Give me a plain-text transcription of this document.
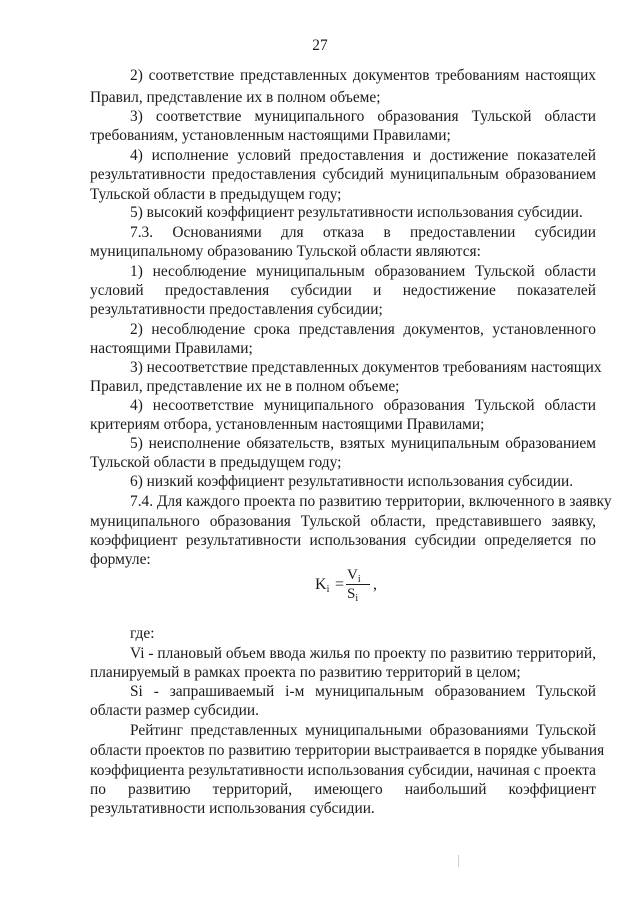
27
2) соответствие представленных документов требованиям настоящих
Правил, представление их в полном объеме;
3) соответствие муниципального образования Тульской области
требованиям, установленным настоящими Правилами;
4) исполнение условий предоставления и достижение показателей
результативности предоставления субсидий муниципальным образованием
Тульской области в предыдущем году;
5) высокий коэффициент результативности использования субсидии.
7.3. Основаниями для отказа в предоставлении субсидии
муниципальному образованию Тульской области являются:
1) несоблюдение муниципальным образованием Тульской области
условий предоставления субсидии и недостижение показателей
результативности предоставления субсидии;
2) несоблюдение срока представления документов, установленного
настоящими Правилами;
3) несоответствие представленных документов требованиям настоящих
Правил, представление их не в полном объеме;
4) несоответствие муниципального образования Тульской области
критериям отбора, установленным настоящими Правилами;
5) неисполнение обязательств, взятых муниципальным образованием
Тульской области в предыдущем году;
6) низкий коэффициент результативности использования субсидии.
7.4. Для каждого проекта по развитию территории, включенного в заявку
муниципального образования Тульской области, представившего заявку,
коэффициент результативности использования субсидии определяется по
формуле:
$K_i$ =
$V_i$
$S_i$
,
где:
Vi - плановый объем ввода жилья по проекту по развитию территорий,
планируемый в рамках проекта по развитию территорий в целом;
Si - запрашиваемый i-м муниципальным образованием Тульской
области размер субсидии.
Рейтинг представленных муниципальными образованиями Тульской
области проектов по развитию территории выстраивается в порядке убывания
коэффициента результативности использования субсидии, начиная с проекта
по развитию территорий, имеющего наибольший коэффициент
результативности использования субсидии.
